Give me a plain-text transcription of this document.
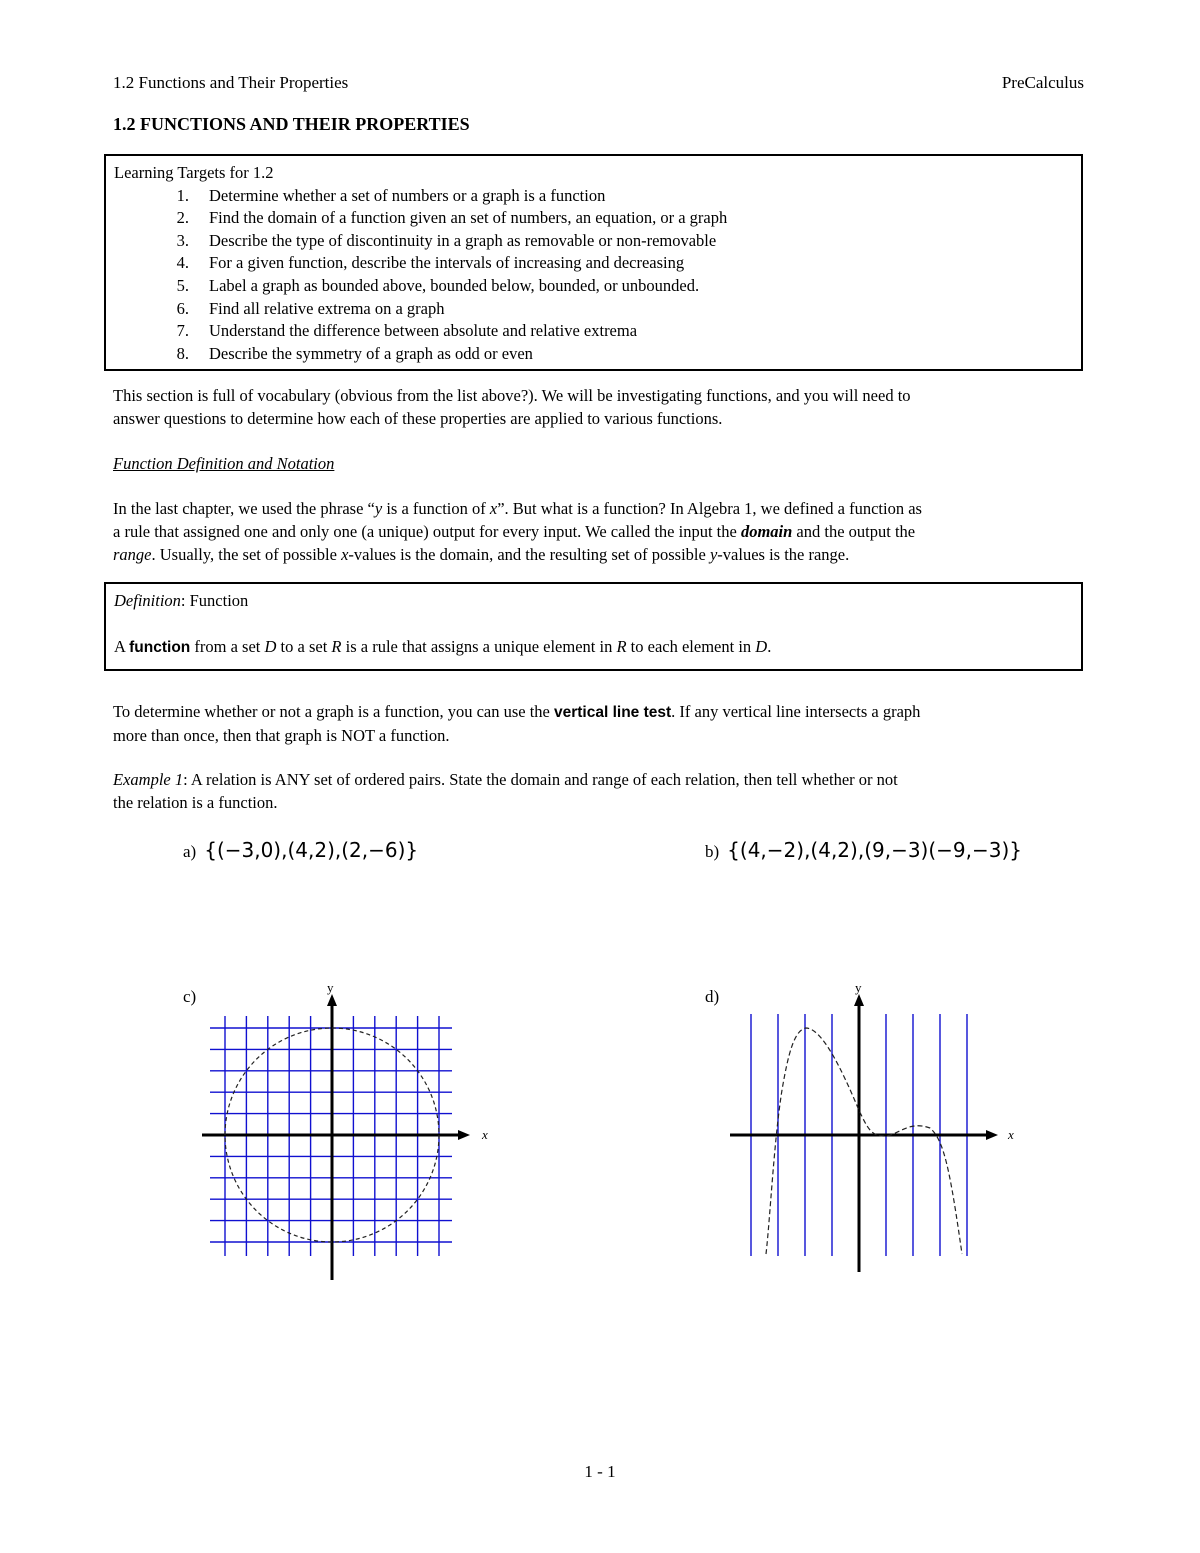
1.2 Functions and Their Properties	PreCalculus
1.2 FUNCTIONS AND THEIR PROPERTIES
Learning Targets for 1.2
1. Determine whether a set of numbers or a graph is a function
2. Find the domain of a function given an set of numbers, an equation, or a graph
3. Describe the type of discontinuity in a graph as removable or non-removable
4. For a given function, describe the intervals of increasing and decreasing
5. Label a graph as bounded above, bounded below, bounded, or unbounded.
6. Find all relative extrema on a graph
7. Understand the difference between absolute and relative extrema
8. Describe the symmetry of a graph as odd or even
This section is full of vocabulary (obvious from the list above?). We will be investigating functions, and you will need to
answer questions to determine how each of these properties are applied to various functions.
Function Definition and Notation
In the last chapter, we used the phrase “y is a function of x”. But what is a function? In Algebra 1, we defined a function as
a rule that assigned one and only one (a unique) output for every input. We called the input the domain and the output the
range. Usually, the set of possible x-values is the domain, and the resulting set of possible y-values is the range.
Definition: Function
A function from a set D to a set R is a rule that assigns a unique element in R to each element in D.
To determine whether or not a graph is a function, you can use the vertical line test. If any vertical line intersects a graph
more than once, then that graph is NOT a function.
Example 1: A relation is ANY set of ordered pairs. State the domain and range of each relation, then tell whether or not
the relation is a function.
a) {(−3,0),(4,2),(2,−6)}	b) {(4,−2),(4,2),(9,−3)(−9,−3)}
c)	d)
x
y
x
y
1 - 1
